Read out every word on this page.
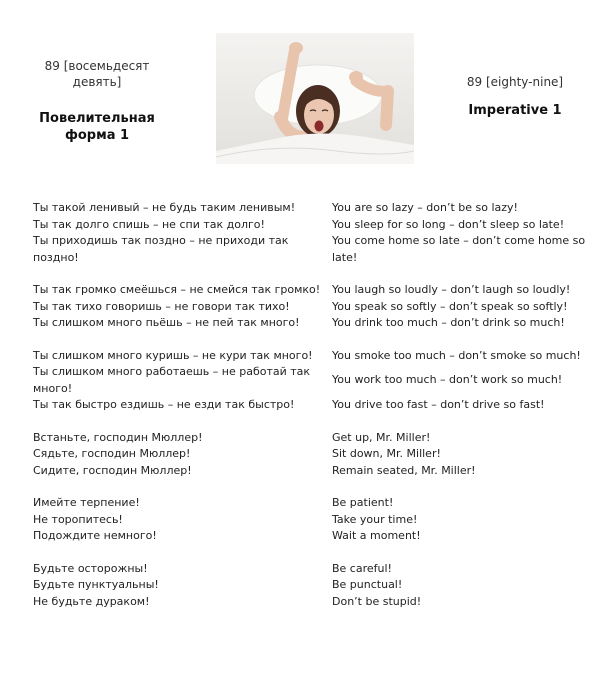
89 [восемьдесят девять]

Повелительная форма 1

89 [eighty-nine]

Imperative 1
Ты такой ленивый – не будь таким ленивым!
Ты так долго спишь – не спи так долго!
Ты приходишь так поздно – не приходи так поздно!
Ты так громко смеёшься – не смейся так громко!
Ты так тихо говоришь – не говори так тихо!
Ты слишком много пьёшь – не пей так много!
Ты слишком много куришь – не кури так много!
Ты слишком много работаешь – не работай так много!
Ты так быстро ездишь – не езди так быстро!
Встаньте, господин Мюллер!
Сядьте, господин Мюллер!
Сидите, господин Мюллер!
Имейте терпение!
Не торопитесь!
Подождите немного!
Будьте осторожны!
Будьте пунктуальны!
Не будьте дураком!
You are so lazy – don’t be so lazy!
You sleep for so long – don’t sleep so late!
You come home so late – don’t come home so late!
You laugh so loudly – don’t laugh so loudly!
You speak so softly – don’t speak so softly!
You drink too much – don’t drink so much!
You smoke too much – don’t smoke so much!
You work too much – don’t work so much!
You drive too fast – don’t drive so fast!
Get up, Mr. Miller!
Sit down, Mr. Miller!
Remain seated, Mr. Miller!
Be patient!
Take your time!
Wait a moment!
Be careful!
Be punctual!
Don’t be stupid!
